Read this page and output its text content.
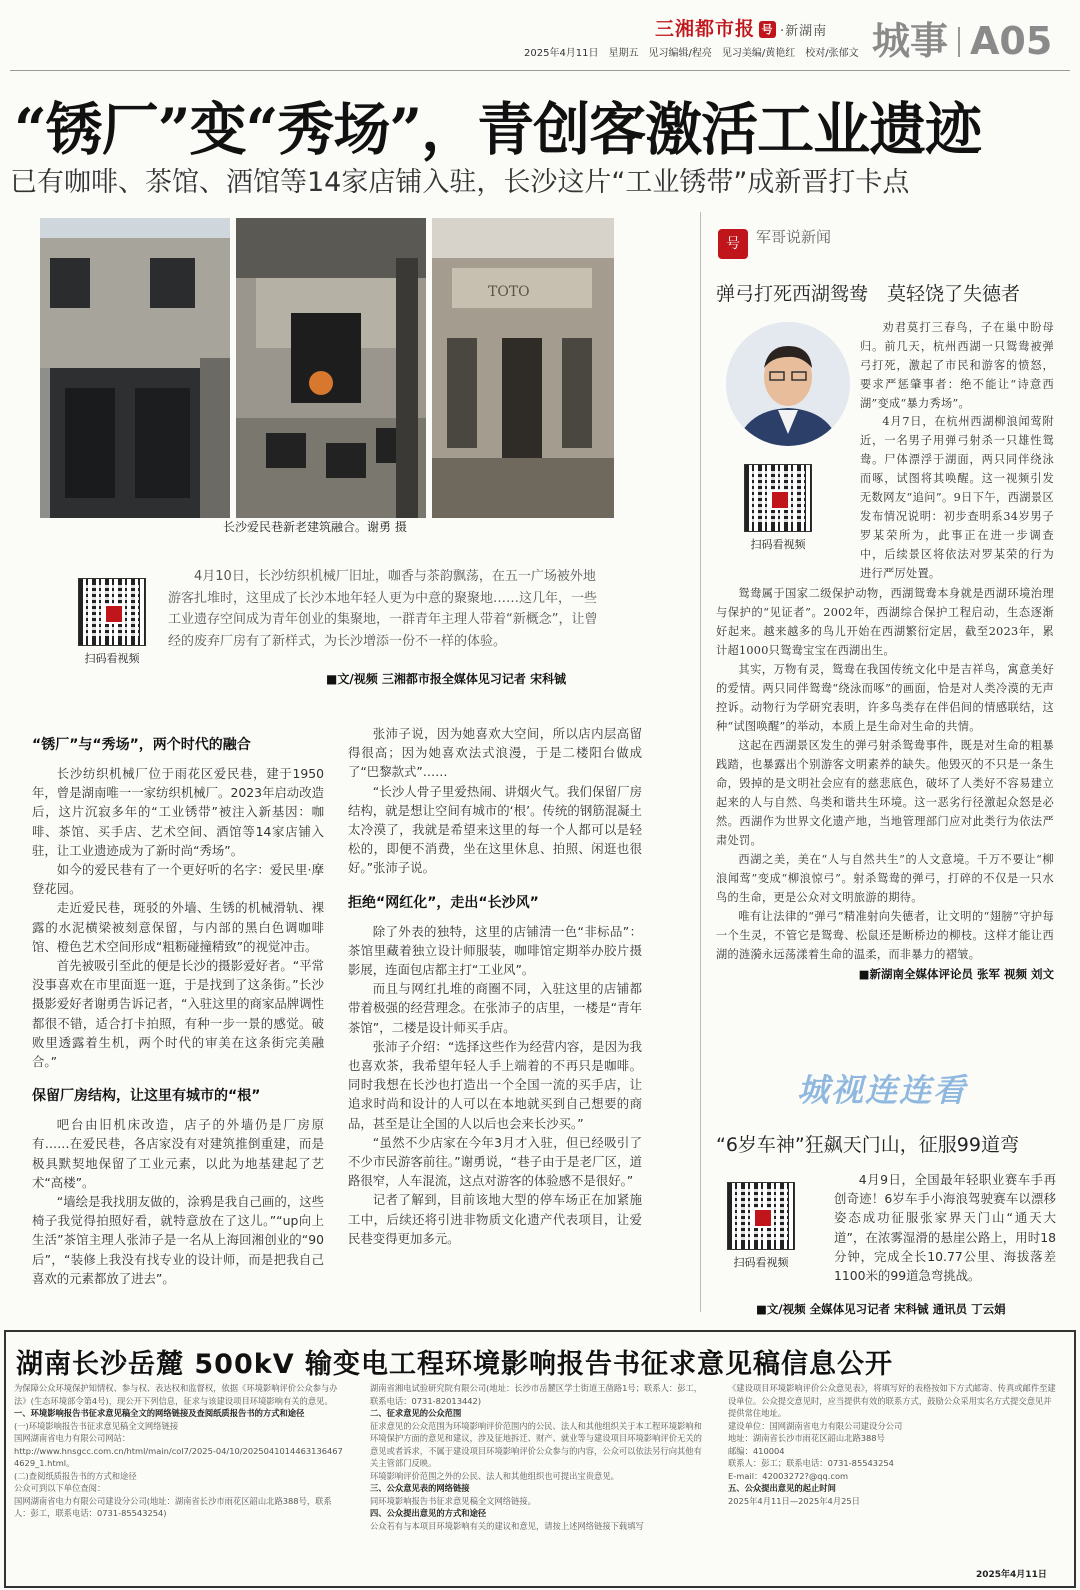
三湘都市报 号 ·新湖南
2025年4月11日　星期五　见习编辑/程亮　见习美编/黄艳红　校对/张郁文 城事 A05
“锈厂”变“秀场”，青创客激活工业遗迹
已有咖啡、茶馆、酒馆等14家店铺入驻，长沙这片“工业锈带”成新晋打卡点
TOTO
长沙爱民巷新老建筑融合。谢勇 摄
扫码看视频
4月10日，长沙纺织机械厂旧址，咖香与茶韵飘荡，在五一广场被外地游客扎堆时，这里成了长沙本地年轻人更为中意的聚聚地……这几年，一些工业遗存空间成为青年创业的集聚地，一群青年主理人带着“新概念”，让曾经的废弃厂房有了新样式，为长沙增添一份不一样的体验。
■文/视频 三湘都市报全媒体见习记者 宋科铖
“锈厂”与“秀场”，两个时代的融合

长沙纺织机械厂位于雨花区爱民巷，建于1950年，曾是湖南唯一一家纺织机械厂。2023年启动改造后，这片沉寂多年的“工业锈带”被注入新基因：咖啡、茶馆、买手店、艺术空间、酒馆等14家店铺入驻，让工业遗迹成为了新时尚“秀场”。

如今的爱民巷有了一个更好听的名字：爱民里·摩登花园。

走近爱民巷，斑驳的外墙、生锈的机械滑轨、裸露的水泥横梁被刻意保留，与内部的黑白色调咖啡馆、橙色艺术空间形成“粗粝碰撞精致”的视觉冲击。

首先被吸引至此的便是长沙的摄影爱好者。“平常没事喜欢在市里面逛一逛，于是找到了这条街。”长沙摄影爱好者谢勇告诉记者，“入驻这里的商家品牌调性都很不错，适合打卡拍照，有种一步一景的感觉。破败里透露着生机，两个时代的审美在这条街完美融合。”

保留厂房结构，让这里有城市的“根”

吧台由旧机床改造，店子的外墙仍是厂房原有……在爱民巷，各店家没有对建筑推倒重建，而是极具默契地保留了工业元素，以此为地基建起了艺术“高楼”。

“墙绘是我找朋友做的，涂鸦是我自己画的，这些椅子我觉得拍照好看，就特意放在了这儿。”“up向上生活”茶馆主理人张沛子是一名从上海回湘创业的“90后”，“装修上我没有找专业的设计师，而是把我自己喜欢的元素都放了进去”。

张沛子说，因为她喜欢大空间，所以店内层高留得很高；因为她喜欢法式浪漫，于是二楼阳台做成了“巴黎款式”……

“长沙人骨子里爱热闹、讲烟火气。我们保留厂房结构，就是想让空间有城市的‘根’。传统的钢筋混凝土太冷漠了，我就是希望来这里的每一个人都可以是轻松的，即便不消费，坐在这里休息、拍照、闲逛也很好。”张沛子说。

拒绝“网红化”，走出“长沙风”

除了外表的独特，这里的店铺清一色“非标品”：茶馆里藏着独立设计师服装，咖啡馆定期举办胶片摄影展，连面包店都主打“工业风”。

而且与网红扎堆的商圈不同，入驻这里的店铺都带着极强的经营理念。在张沛子的店里，一楼是“青年茶馆”，二楼是设计师买手店。

张沛子介绍：“选择这些作为经营内容，是因为我也喜欢茶，我希望年轻人手上端着的不再只是咖啡。同时我想在长沙也打造出一个全国一流的买手店，让追求时尚和设计的人可以在本地就买到自己想要的商品，甚至是让全国的人以后也会来长沙买。”

“虽然不少店家在今年3月才入驻，但已经吸引了不少市民游客前往。”谢勇说，“巷子由于是老厂区，道路很窄，人车混流，这点对游客的体验感不是很好。”

记者了解到，目前该地大型的停车场正在加紧施工中，后续还将引进非物质文化遗产代表项目，让爱民巷变得更加多元。

号 军哥说新闻
弹弓打死西湖鸳鸯　莫轻饶了失德者

劝君莫打三春鸟，子在巢中盼母归。前几天，杭州西湖一只鸳鸯被弹弓打死，激起了市民和游客的愤怒，要求严惩肇事者：绝不能让“诗意西湖”变成“暴力秀场”。

扫码看视频

4月7日，在杭州西湖柳浪闻莺附近，一名男子用弹弓射杀一只雄性鸳鸯。尸体漂浮于湖面，两只同伴绕泳而啄，试图将其唤醒。这一视频引发无数网友“追问”。9日下午，西湖景区发布情况说明：初步查明系34岁男子罗某荣所为，此事正在进一步调查中，后续景区将依法对罗某荣的行为进行严厉处置。

鸳鸯属于国家二级保护动物，西湖鸳鸯本身就是西湖环境治理与保护的“见证者”。2002年，西湖综合保护工程启动，生态逐渐好起来。越来越多的鸟儿开始在西湖繁衍定居，截至2023年，累计超1000只鸳鸯宝宝在西湖出生。

其实，万物有灵，鸳鸯在我国传统文化中是吉祥鸟，寓意美好的爱情。两只同伴鸳鸯“绕泳而啄”的画面，恰是对人类冷漠的无声控诉。动物行为学研究表明，许多鸟类存在伴侣间的情感联结，这种“试图唤醒”的举动，本质上是生命对生命的共情。

这起在西湖景区发生的弹弓射杀鸳鸯事件，既是对生命的粗暴践踏，也暴露出个别游客文明素养的缺失。他毁灭的不只是一条生命，毁掉的是文明社会应有的慈悲底色，破坏了人类好不容易建立起来的人与自然、鸟类和谐共生环境。这一恶劣行径激起众怒是必然。西湖作为世界文化遗产地，当地管理部门应对此类行为依法严肃处罚。

西湖之美，美在“人与自然共生”的人文意境。千万不要让“柳浪闻莺”变成“柳浪惊弓”。射杀鸳鸯的弹弓，打碎的不仅是一只水鸟的生命，更是公众对文明旅游的期待。

唯有让法律的“弹弓”精准射向失德者，让文明的“翅膀”守护每一个生灵，不管它是鸳鸯、松鼠还是断桥边的柳枝。这样才能让西湖的涟漪永远荡漾着生命的温柔，而非暴力的褶皱。

■新湖南全媒体评论员 张军 视频 刘文
城视连连看
“6岁车神”狂飙天门山，征服99道弯
扫码看视频
4月9日，全国最年轻职业赛车手再创奇迹！6岁车手小海浪驾驶赛车以漂移姿态成功征服张家界天门山“通天大道”，在浓雾湿滑的悬崖公路上，用时18分钟，完成全长10.77公里、海拔落差1100米的99道急弯挑战。
■文/视频 全媒体见习记者 宋科铖 通讯员 丁云娟
湖南长沙岳麓 500kV 输变电工程环境影响报告书征求意见稿信息公开
为保障公众环境保护知情权、参与权、表达权和监督权，依据《环境影响评价公众参与办法》(生态环境部令第4号)，现公开下列信息，征求与该建设项目环境影响有关的意见。
一、环境影响报告书征求意见稿全文的网络链接及查阅纸质报告书的方式和途径
(一)环境影响报告书征求意见稿全文网络链接
国网湖南省电力有限公司网站：
http://www.hnsgcc.com.cn/html/main/col7/2025-04/10/20250410144631364674629_1.html。
(二)查阅纸质报告书的方式和途径
公众可到以下单位查阅：
国网湖南省电力有限公司建设分公司(地址：湖南省长沙市雨花区韶山北路388号，联系人：彭工，联系电话：0731-85543254)
湖南省湘电试验研究院有限公司(地址：长沙市岳麓区学士街道王凿路1号；联系人：彭工，联系电话：0731-82013442)
二、征求意见的公众范围
征求意见的公众范围为环境影响评价范围内的公民、法人和其他组织关于本工程环境影响和环境保护方面的意见和建议，涉及征地拆迁、财产、就业等与建设项目环境影响评价无关的意见或者诉求，不属于建设项目环境影响评价公众参与的内容，公众可以依法另行向其他有关主管部门反映。
环境影响评价范围之外的公民、法人和其他组织也可提出宝贵意见。
三、公众意见表的网络链接
同环境影响报告书征求意见稿全文网络链接。
四、公众提出意见的方式和途径
公众若有与本项目环境影响有关的建议和意见，请按上述网络链接下载填写
《建设项目环境影响评价公众意见表》，将填写好的表格按如下方式邮寄、传真或邮件至建设单位。公众提交意见时，应当提供有效的联系方式，鼓励公众采用实名方式提交意见并提供常住地址。
建设单位：国网湖南省电力有限公司建设分公司
地址：湖南省长沙市雨花区韶山北路388号
邮编：410004
联系人：彭工；联系电话：0731-85543254
E-mail：42003272?@qq.com
五、公众提出意见的起止时间
2025年4月11日—2025年4月25日
2025年4月11日
